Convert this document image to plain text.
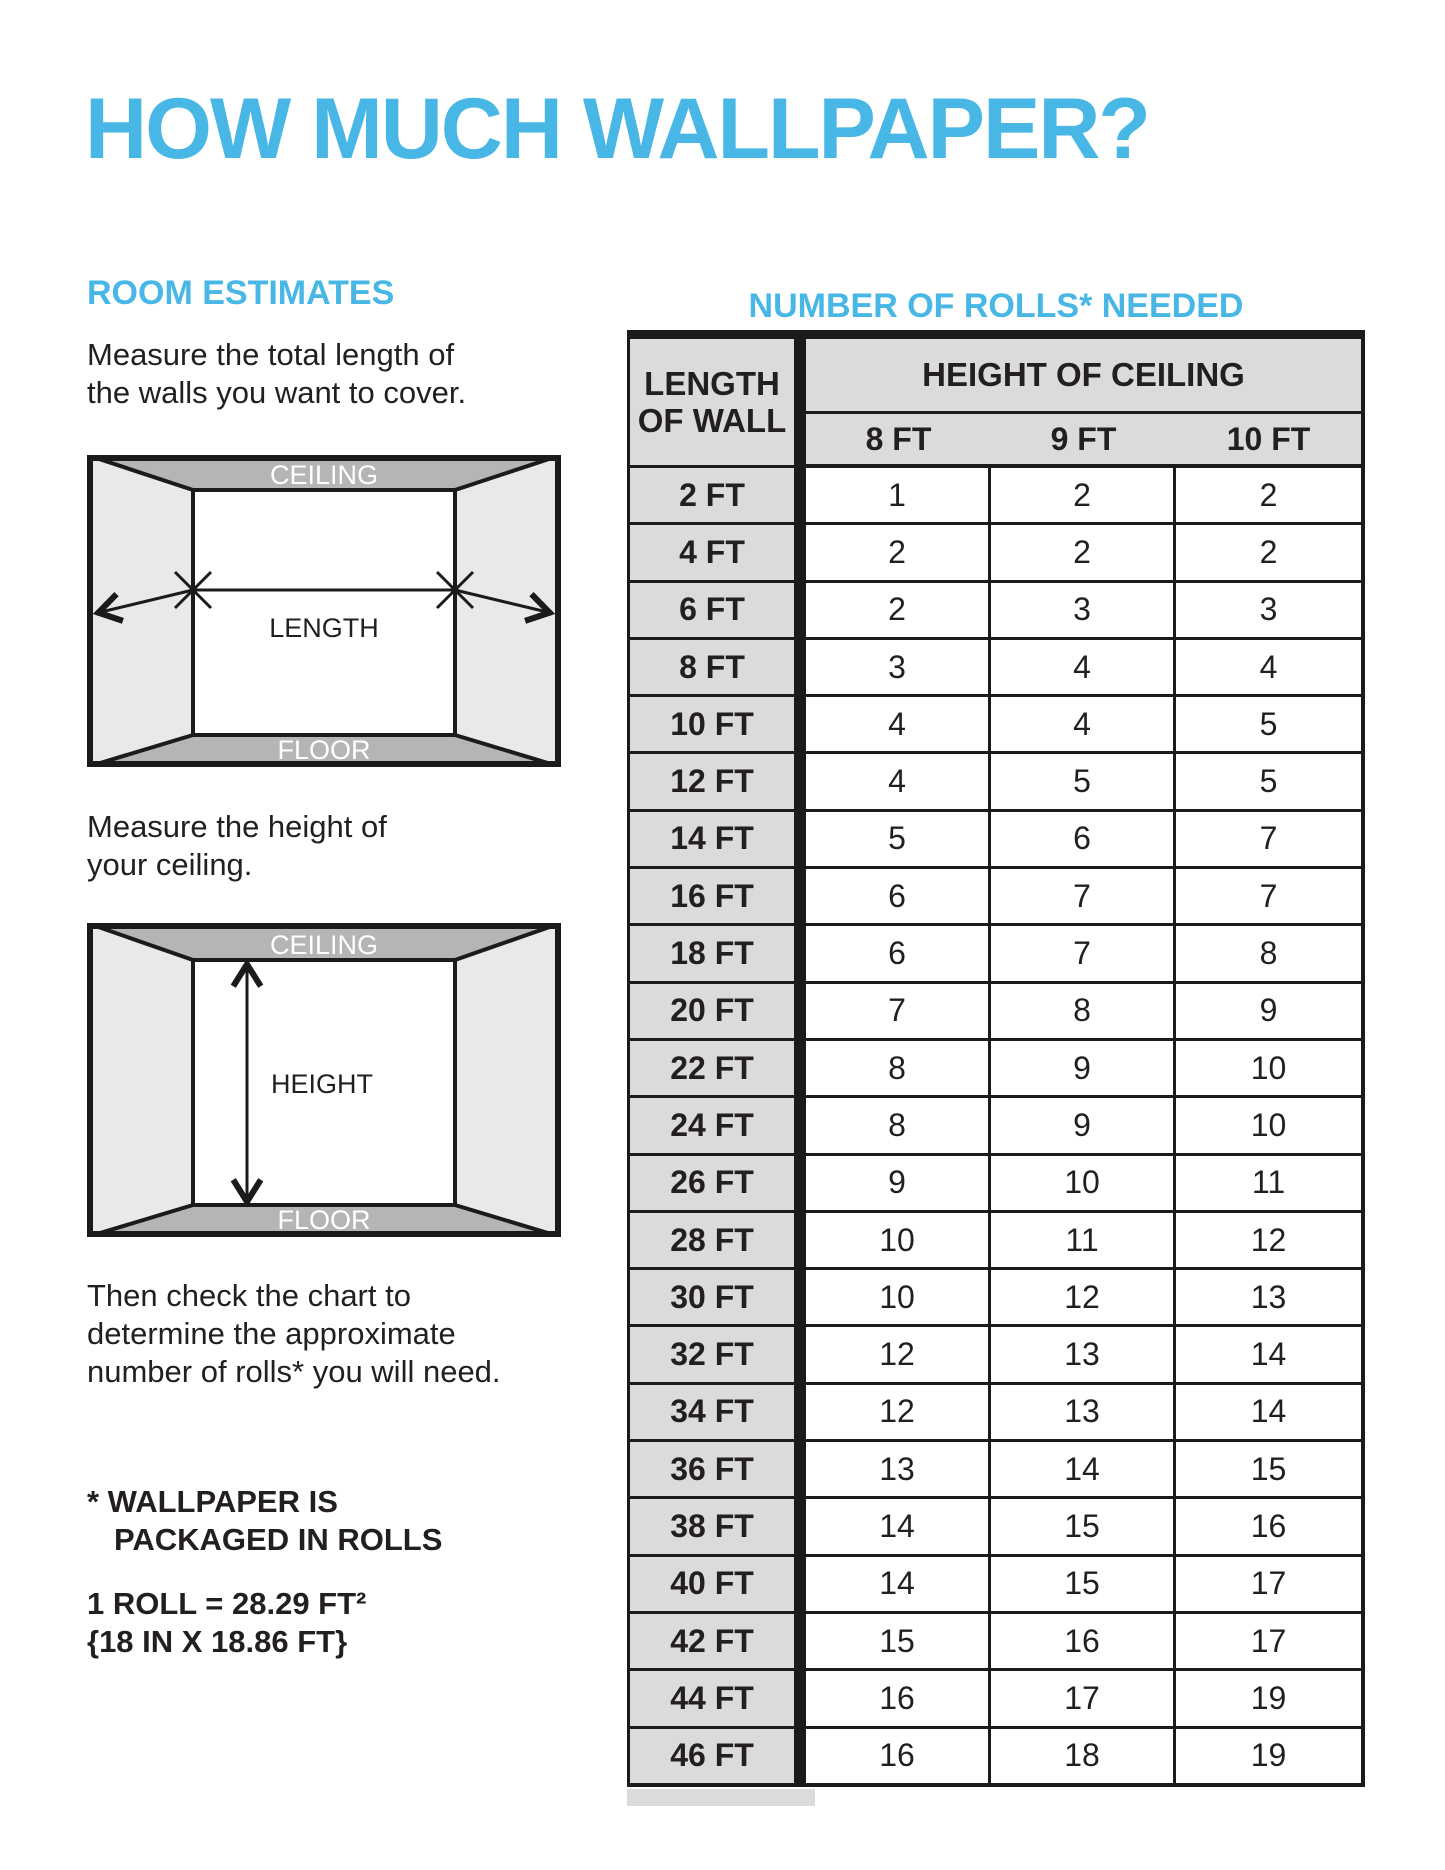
HOW MUCH WALLPAPER?
ROOM ESTIMATES
Measure the total length of
the walls you want to cover.
CEILING
FLOOR
LENGTH
Measure the height of
your ceiling.
CEILING
FLOOR
HEIGHT
Then check the chart to
determine the approximate
number of rolls* you will need.
* WALLPAPER IS
PACKAGED IN ROLLS
1 ROLL = 28.29 FT²
{18 IN X 18.86 FT}
NUMBER OF ROLLS* NEEDED
LENGTH
OF WALL
HEIGHT OF CEILING
8 FT	9 FT	10 FT
2 FT	1	2	2
4 FT	2	2	2
6 FT	2	3	3
8 FT	3	4	4
10 FT	4	4	5
12 FT	4	5	5
14 FT	5	6	7
16 FT	6	7	7
18 FT	6	7	8
20 FT	7	8	9
22 FT	8	9	10
24 FT	8	9	10
26 FT	9	10	11
28 FT	10	11	12
30 FT	10	12	13
32 FT	12	13	14
34 FT	12	13	14
36 FT	13	14	15
38 FT	14	15	16
40 FT	14	15	17
42 FT	15	16	17
44 FT	16	17	19
46 FT	16	18	19
